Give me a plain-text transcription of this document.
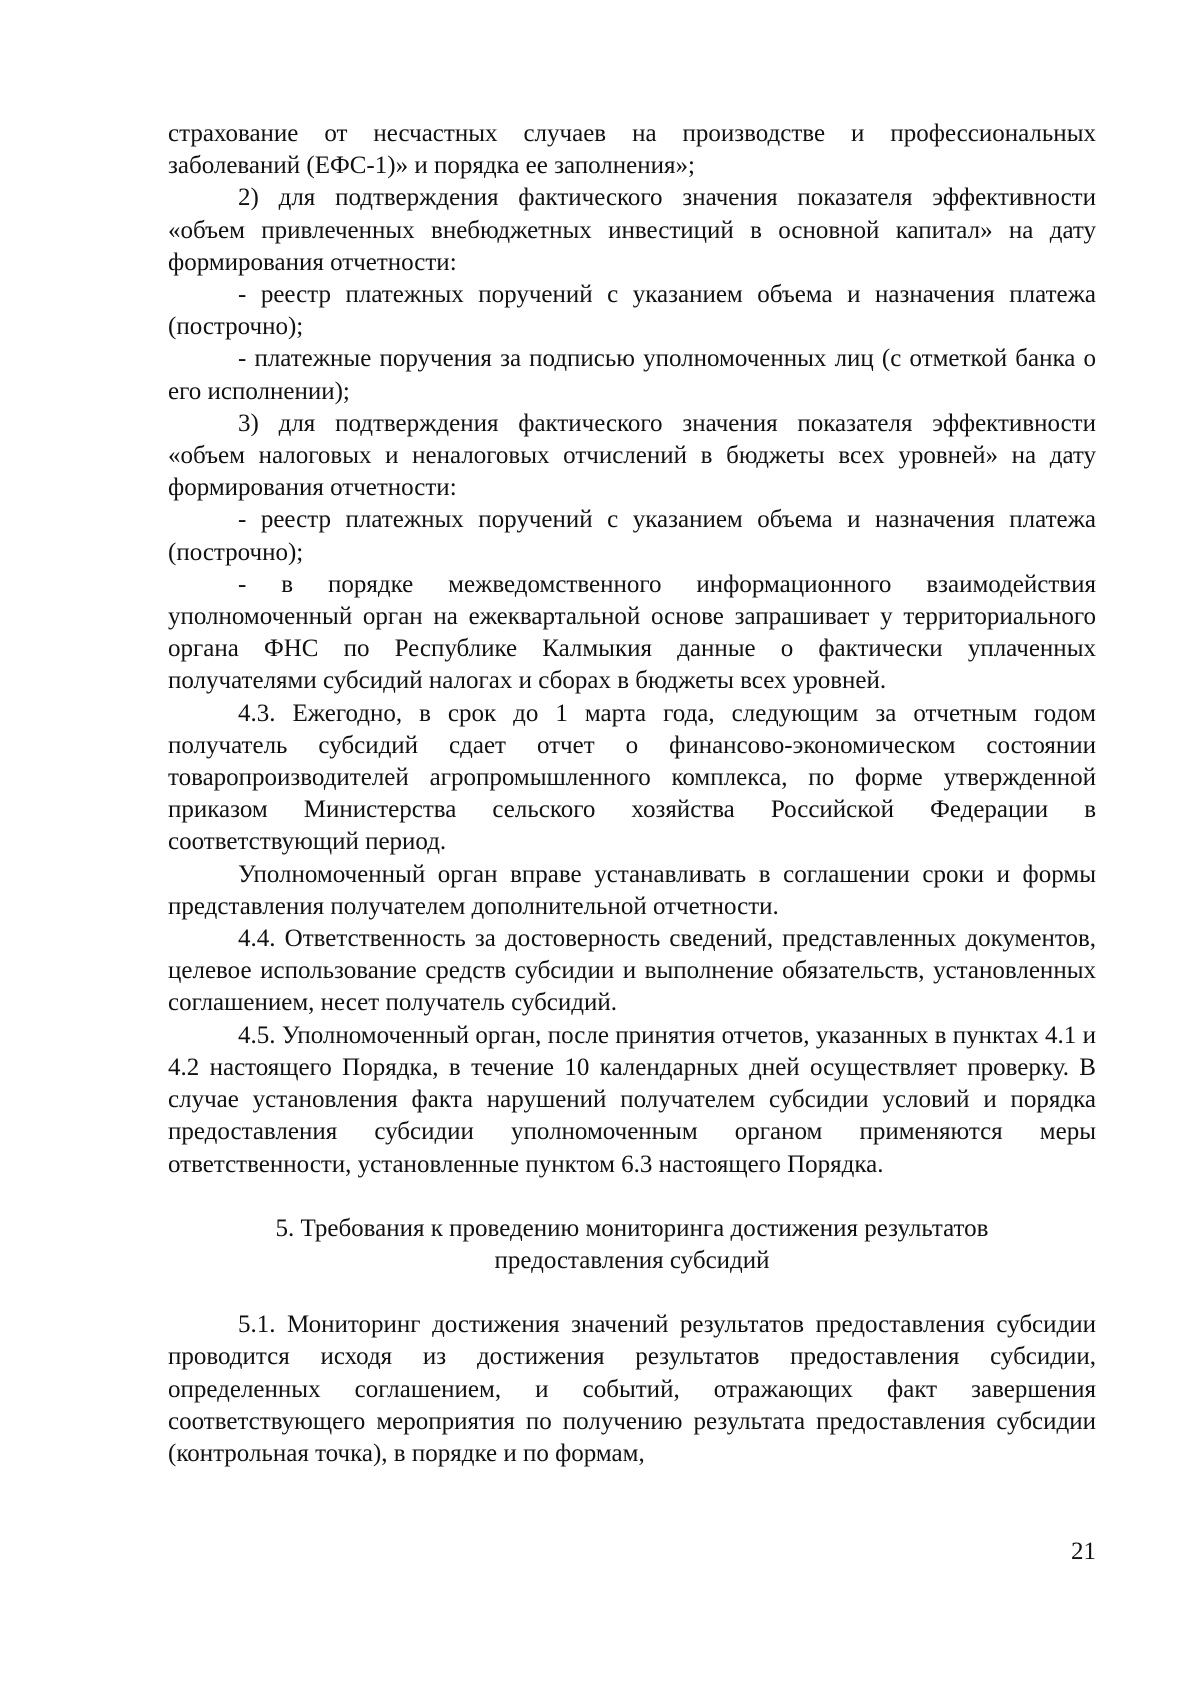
страхование от несчастных случаев на производстве и профессиональных заболеваний (ЕФС-1)» и порядка ее заполнения»;

2) для подтверждения фактического значения показателя эффективности «объем привлеченных внебюджетных инвестиций в основной капитал» на дату формирования отчетности:

- реестр платежных поручений с указанием объема и назначения платежа (построчно);

- платежные поручения за подписью уполномоченных лиц (с отметкой банка о его исполнении);

3) для подтверждения фактического значения показателя эффективности «объем налоговых и неналоговых отчислений в бюджеты всех уровней» на дату формирования отчетности:

- реестр платежных поручений с указанием объема и назначения платежа (построчно);

- в порядке межведомственного информационного взаимодействия уполномоченный орган на ежеквартальной основе запрашивает у территориального органа ФНС по Республике Калмыкия данные о фактически уплаченных получателями субсидий налогах и сборах в бюджеты всех уровней.

4.3. Ежегодно, в срок до 1 марта года, следующим за отчетным годом получатель субсидий сдает отчет о финансово-экономическом состоянии товаропроизводителей агропромышленного комплекса, по форме утвержденной приказом Министерства сельского хозяйства Российской Федерации в соответствующий период.

Уполномоченный орган вправе устанавливать в соглашении сроки и формы представления получателем дополнительной отчетности.

4.4. Ответственность за достоверность сведений, представленных документов, целевое использование средств субсидии и выполнение обязательств, установленных соглашением, несет получатель субсидий.

4.5. Уполномоченный орган, после принятия отчетов, указанных в пунктах 4.1 и 4.2 настоящего Порядка, в течение 10 календарных дней осуществляет проверку. В случае установления факта нарушений получателем субсидии условий и порядка предоставления субсидии уполномоченным органом применяются меры ответственности, установленные пунктом 6.3 настоящего Порядка.

5. Требования к проведению мониторинга достижения результатов предоставления субсидий

5.1. Мониторинг достижения значений результатов предоставления субсидии проводится исходя из достижения результатов предоставления субсидии, определенных соглашением, и событий, отражающих факт завершения соответствующего мероприятия по получению результата предоставления субсидии (контрольная точка), в порядке и по формам,

21
